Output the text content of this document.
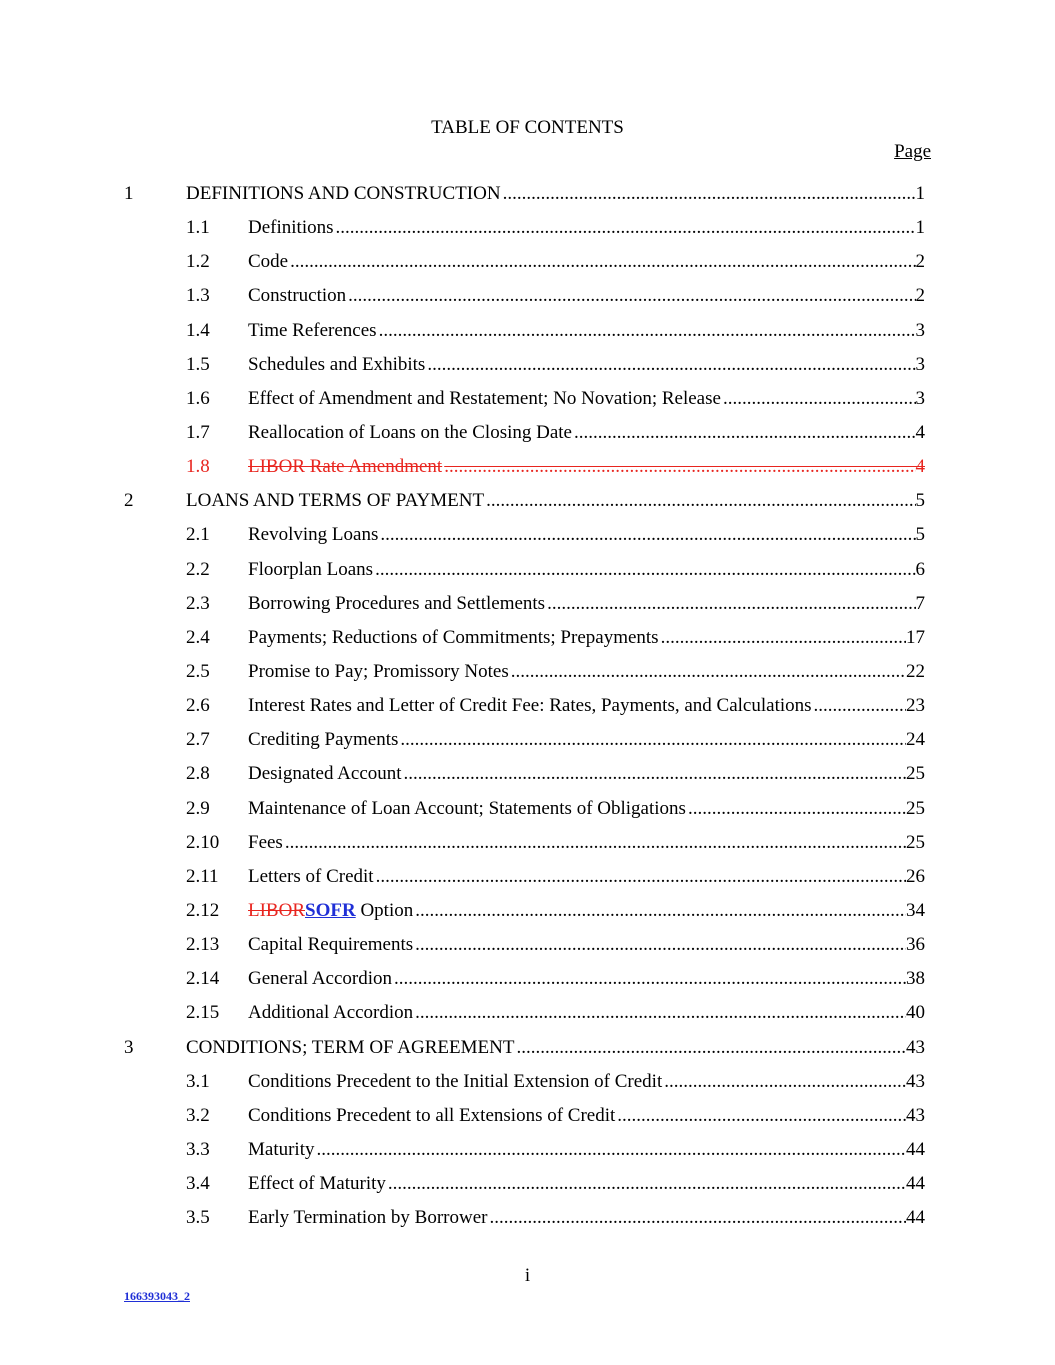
TABLE OF CONTENTS
Page
1	DEFINITIONS AND CONSTRUCTION .....	1
1.1 Definitions .....	1
1.2 Code .....	2
1.3 Construction .....	2
1.4 Time References .....	3
1.5 Schedules and Exhibits .....	3
1.6 Effect of Amendment and Restatement; No Novation; Release .....	3
1.7 Reallocation of Loans on the Closing Date .....	4
1.8 LIBOR Rate Amendment .....	4
2	LOANS AND TERMS OF PAYMENT .....	5
2.1 Revolving Loans .....	5
2.2 Floorplan Loans .....	6
2.3 Borrowing Procedures and Settlements .....	7
2.4 Payments; Reductions of Commitments; Prepayments .....	17
2.5 Promise to Pay; Promissory Notes .....	22
2.6 Interest Rates and Letter of Credit Fee: Rates, Payments, and Calculations .....	23
2.7 Crediting Payments .....	24
2.8 Designated Account .....	25
2.9 Maintenance of Loan Account; Statements of Obligations .....	25
2.10 Fees .....	25
2.11 Letters of Credit .....	26
2.12 LIBORSOFR Option .....	34
2.13 Capital Requirements .....	36
2.14 General Accordion .....	38
2.15 Additional Accordion .....	40
3	CONDITIONS; TERM OF AGREEMENT .....	43
3.1 Conditions Precedent to the Initial Extension of Credit .....	43
3.2 Conditions Precedent to all Extensions of Credit .....	43
3.3 Maturity .....	44
3.4 Effect of Maturity .....	44
3.5 Early Termination by Borrower .....	44
i
166393043_2
